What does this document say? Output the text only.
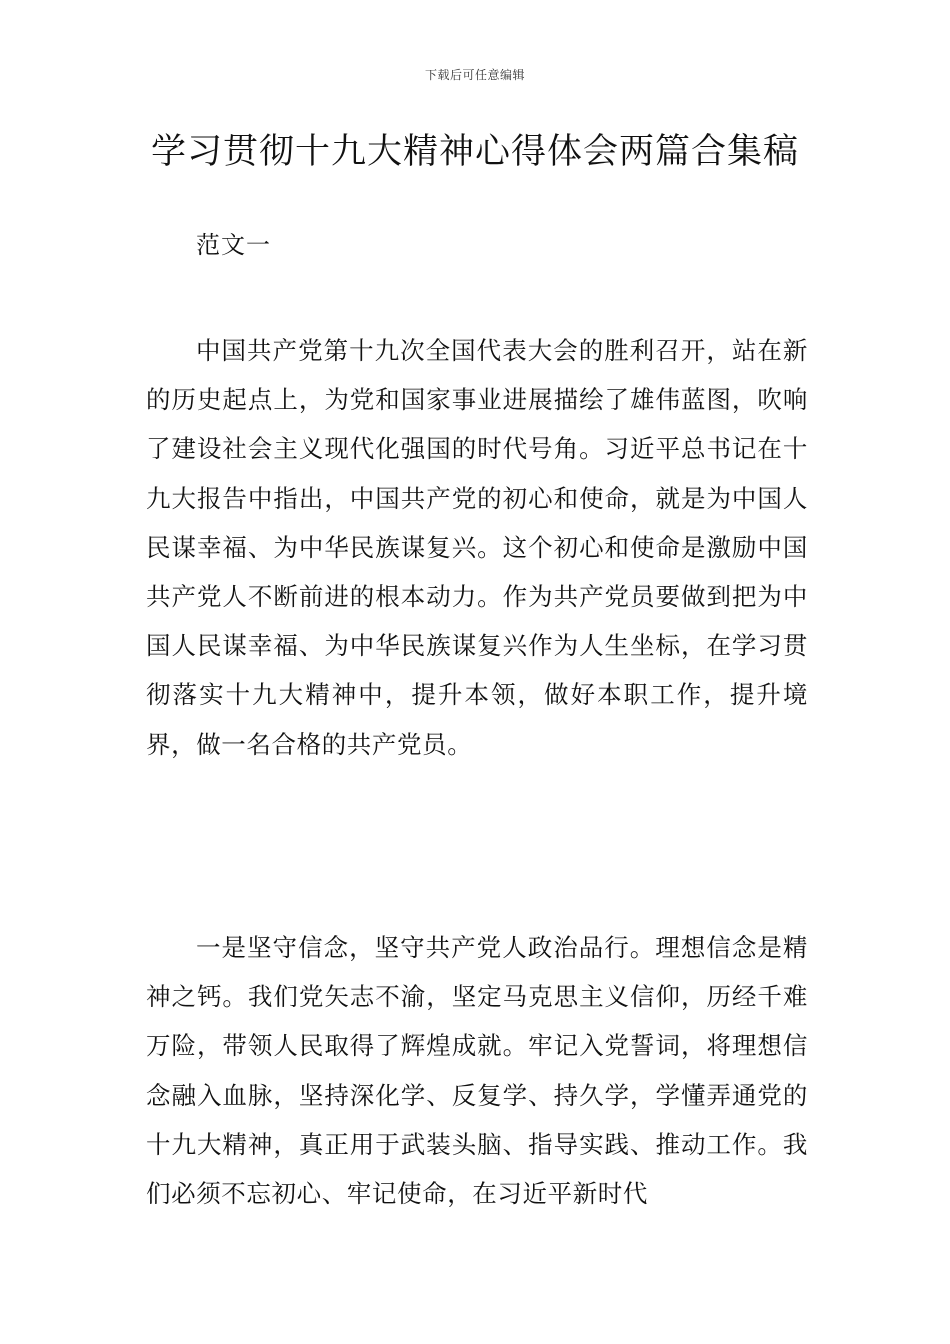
下载后可任意编辑
学习贯彻十九大精神心得体会两篇合集稿
范文一

中国共产党第十九次全国代表大会的胜利召开，站在新的历史起点上，为党和国家事业进展描绘了雄伟蓝图，吹响了建设社会主义现代化强国的时代号角。习近平总书记在十九大报告中指出，中国共产党的初心和使命，就是为中国人民谋幸福、为中华民族谋复兴。这个初心和使命是激励中国共产党人不断前进的根本动力。作为共产党员要做到把为中国人民谋幸福、为中华民族谋复兴作为人生坐标，在学习贯彻落实十九大精神中，提升本领，做好本职工作，提升境界，做一名合格的共产党员。

一是坚守信念，坚守共产党人政治品行。理想信念是精神之钙。我们党矢志不渝，坚定马克思主义信仰，历经千难万险，带领人民取得了辉煌成就。牢记入党誓词，将理想信念融入血脉，坚持深化学、反复学、持久学，学懂弄通党的十九大精神，真正用于武装头脑、指导实践、推动工作。我们必须不忘初心、牢记使命，在习近平新时代
